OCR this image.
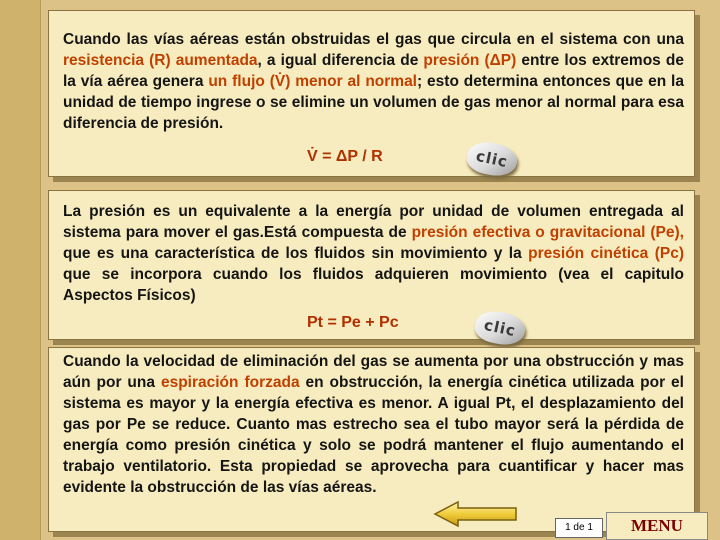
Cuando las vías aéreas están obstruidas el gas que circula en el sistema con una resistencia (R) aumentada, a igual diferencia de presión (ΔP) entre los extremos de la vía aérea genera un flujo (V̇) menor al normal; esto determina entonces que en la unidad de tiempo ingrese o se elimine un volumen de gas menor al normal para esa diferencia de presión.

V̇ = ΔP / R	clic

La presión es un equivalente a la energía por unidad de volumen entregada al sistema para mover el gas.Está compuesta de presión efectiva o gravitacional (Pe), que es una característica de los fluidos sin movimiento y la presión cinética (Pc) que se incorpora cuando los fluidos adquieren movimiento (vea el capitulo Aspectos Físicos)

Pt = Pe + Pc	clic

Cuando la velocidad de eliminación del gas se aumenta por una obstrucción y mas aún por una espiración forzada en obstrucción, la energía cinética utilizada por el sistema es mayor y la energía efectiva es menor. A igual Pt, el desplazamiento del gas por Pe se reduce. Cuanto mas estrecho sea el tubo mayor será la pérdida de energía como presión cinética y solo se podrá mantener el flujo aumentando el trabajo ventilatorio. Esta propiedad se aprovecha para cuantificar y hacer mas evidente la obstrucción de las vías aéreas.

1 de 1	MENU
